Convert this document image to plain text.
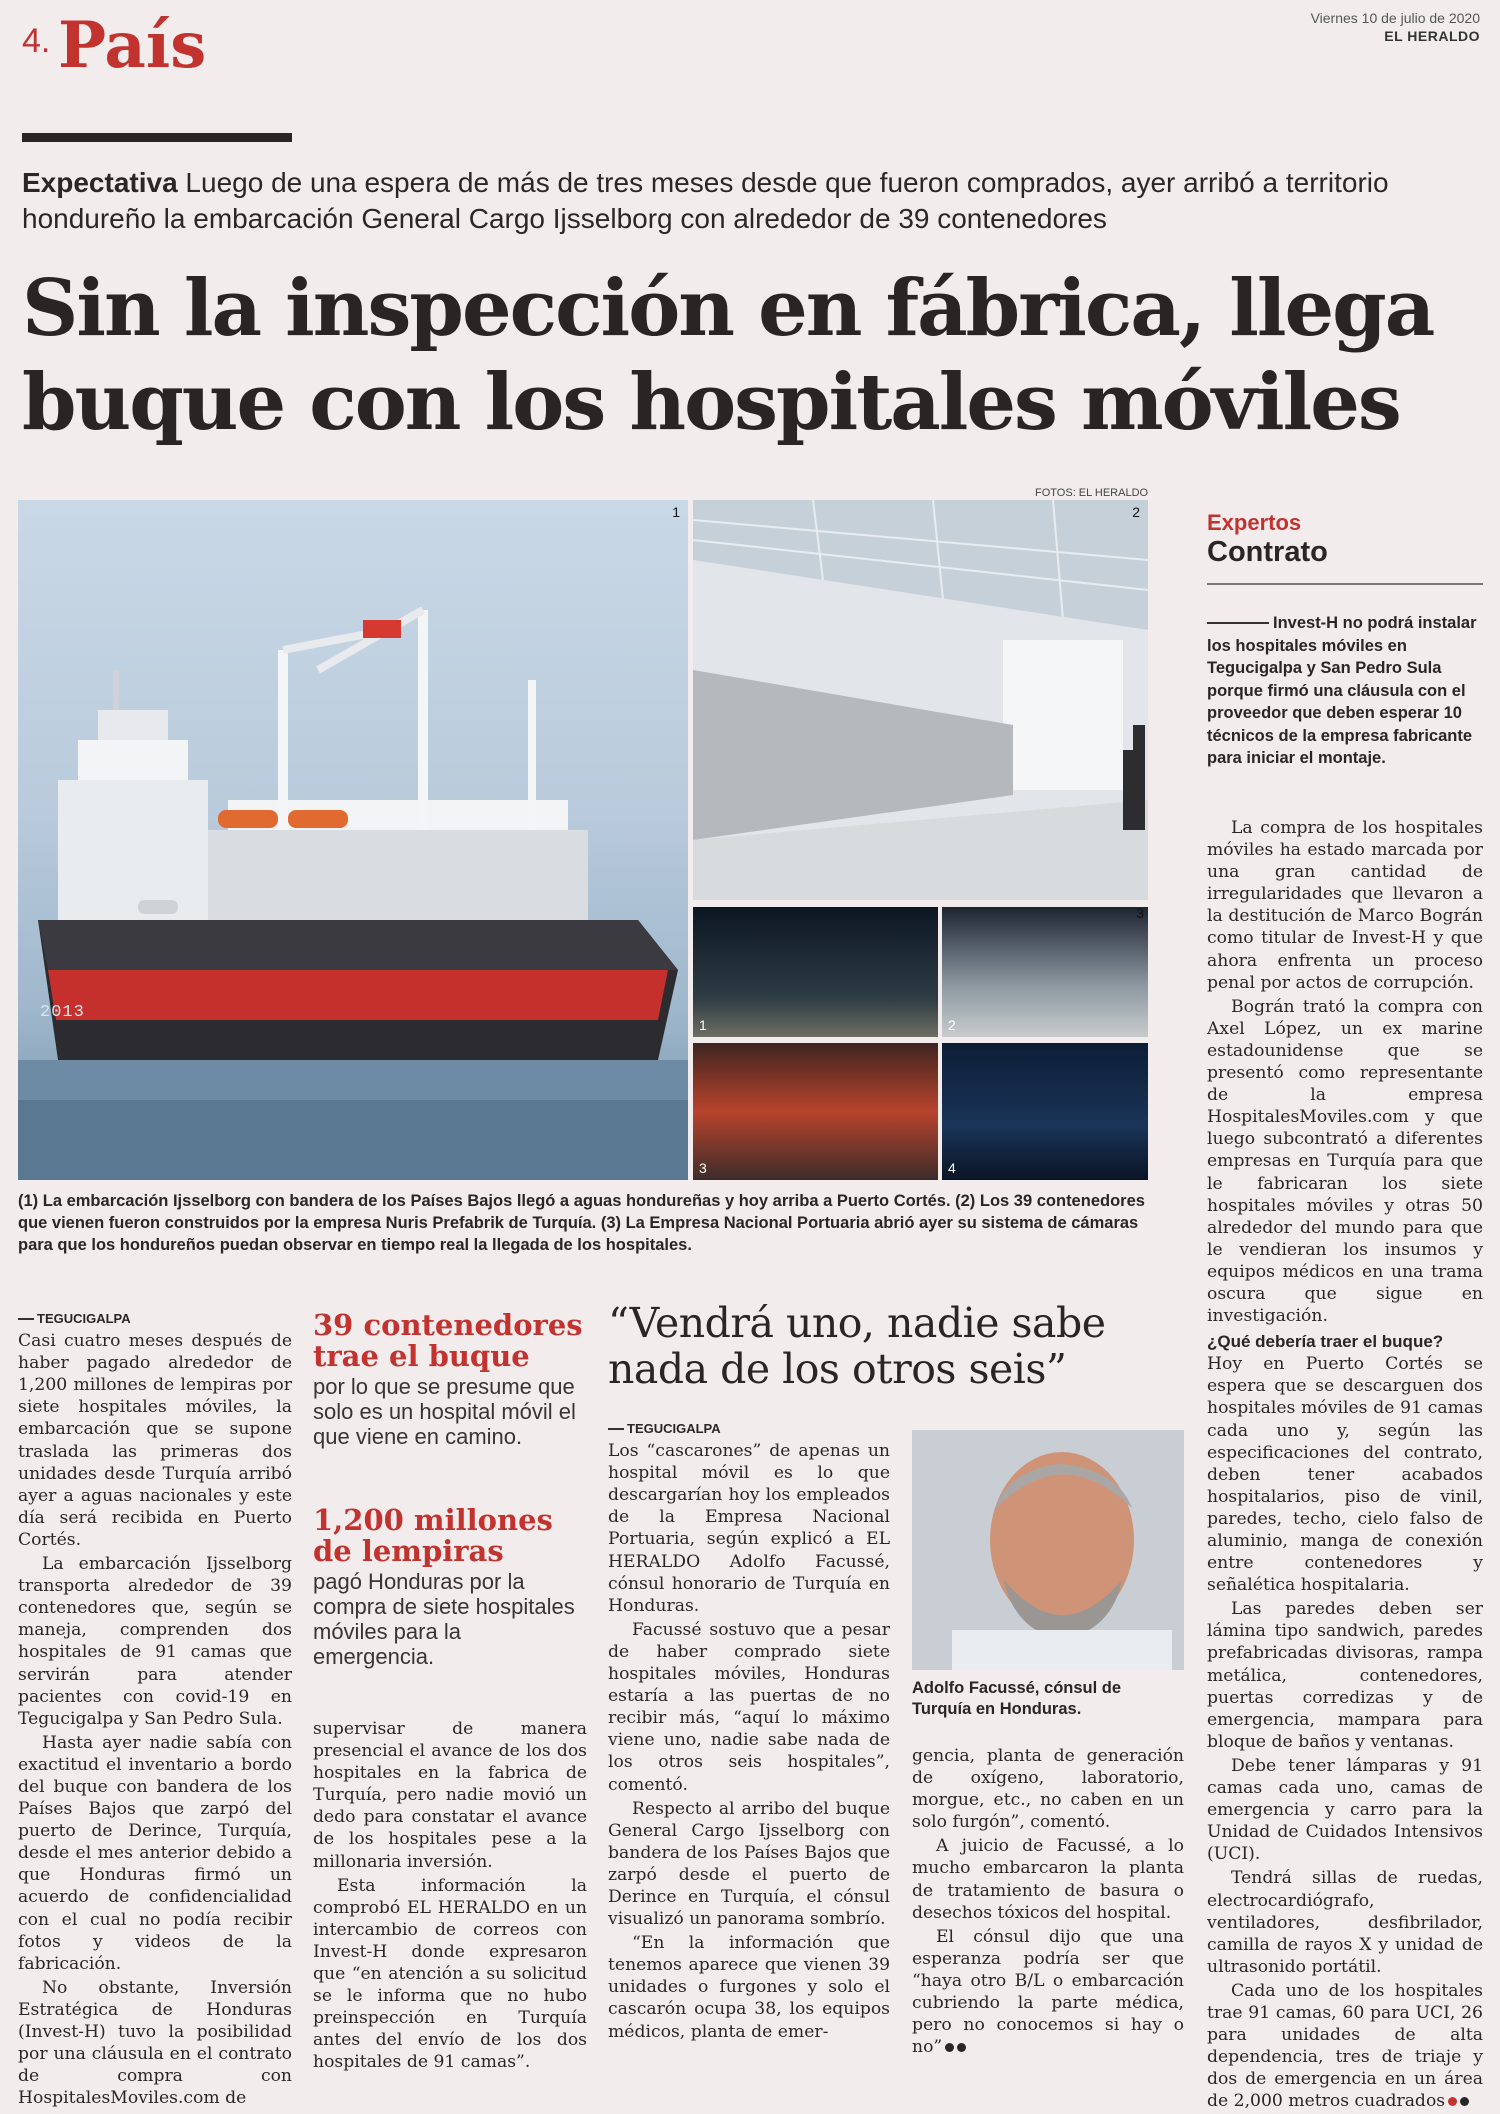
4. País	Viernes 10 de julio de 2020
EL HERALDO
Expectativa Luego de una espera de más de tres meses desde que fueron comprados, ayer arribó a territorio hondureño la embarcación General Cargo Ijsselborg con alrededor de 39 contenedores
Sin la inspección en fábrica, llega buque con los hospitales móviles
FOTOS: EL HERALDO
2013
1	2
1	2
3
3	4
(1) La embarcación Ijsselborg con bandera de los Países Bajos llegó a aguas hondureñas y hoy arriba a Puerto Cortés. (2) Los 39 contenedores que vienen fueron construidos por la empresa Nuris Prefabrik de Turquía. (3) La Empresa Nacional Portuaria abrió ayer su sistema de cámaras para que los hondureños puedan observar en tiempo real la llegada de los hospitales.
Expertos
Contrato
Invest-H no podrá instalar los hospitales móviles en Tegucigalpa y San Pedro Sula porque firmó una cláusula con el proveedor que deben esperar 10 técnicos de la empresa fabricante para iniciar el montaje.

La compra de los hospitales móviles ha estado marcada por una gran cantidad de irregularidades que llevaron a la destitución de Marco Bográn como titular de Invest-H y que ahora enfrenta un proceso penal por actos de corrupción.

Bográn trató la compra con Axel López, un ex marine estadounidense que se presentó como representante de la empresa HospitalesMoviles.com y que luego subcontrató a diferentes empresas en Turquía para que le fabricaran los siete hospitales móviles y otras 50 alrededor del mundo para que le vendieran los insumos y equipos médicos en una trama oscura que sigue en investigación.

¿Qué debería traer el buque?

Hoy en Puerto Cortés se espera que se descarguen dos hospitales móviles de 91 camas cada uno y, según las especificaciones del contrato, deben tener acabados hospitalarios, piso de vinil, paredes, techo, cielo falso de aluminio, manga de conexión entre contenedores y señalética hospitalaria.

Las paredes deben ser lámina tipo sandwich, paredes prefabricadas divisoras, rampa metálica, contenedores, puertas corredizas y de emergencia, mampara para bloque de baños y ventanas.

Debe tener lámparas y 91 camas cada uno, camas de emergencia y carro para la Unidad de Cuidados Intensivos (UCI).

Tendrá sillas de ruedas, electrocardiógrafo, ventiladores, desfibrilador, camilla de rayos X y unidad de ultrasonido portátil.

Cada uno de los hospitales trae 91 camas, 60 para UCI, 26 para unidades de alta dependencia, tres de triaje y dos de emergencia en un área de 2,000 metros cuadrados

TEGUCIGALPA

Casi cuatro meses después de haber pagado alrededor de 1,200 millones de lempiras por siete hospitales móviles, la embarcación que se supone traslada las primeras dos unidades desde Turquía arribó ayer a aguas nacionales y este día será recibida en Puerto Cortés.

La embarcación Ijsselborg transporta alrededor de 39 contenedores que, según se maneja, comprenden dos hospitales de 91 camas que servirán para atender pacientes con covid-19 en Tegucigalpa y San Pedro Sula.

Hasta ayer nadie sabía con exactitud el inventario a bordo del buque con bandera de los Países Bajos que zarpó del puerto de Derince, Turquía, desde el mes anterior debido a que Honduras firmó un acuerdo de confidencialidad con el cual no podía recibir fotos y videos de la fabricación.

No obstante, Inversión Estratégica de Honduras (Invest-H) tuvo la posibilidad por una cláusula en el contrato de compra con HospitalesMoviles.com de

39 contenedores trae el buque
por lo que se presume que solo es un hospital móvil el que viene en camino.
1,200 millones de lempiras
pagó Honduras por la compra de siete hospitales móviles para la emergencia.

supervisar de manera presencial el avance de los dos hospitales en la fabrica de Turquía, pero nadie movió un dedo para constatar el avance de los hospitales pese a la millonaria inversión.

Esta información la comprobó EL HERALDO en un intercambio de correos con Invest-H donde expresaron que “en atención a su solicitud se le informa que no hubo preinspección en Turquía antes del envío de los dos hospitales de 91 camas”.

“Vendrá uno, nadie sabe nada de los otros seis”
TEGUCIGALPA

Los “cascarones” de apenas un hospital móvil es lo que descargarían hoy los empleados de la Empresa Nacional Portuaria, según explicó a EL HERALDO Adolfo Facussé, cónsul honorario de Turquía en Honduras.

Facussé sostuvo que a pesar de haber comprado siete hospitales móviles, Honduras estaría a las puertas de no recibir más, “aquí lo máximo viene uno, nadie sabe nada de los otros seis hospitales”, comentó.

Respecto al arribo del buque General Cargo Ijsselborg con bandera de los Países Bajos que zarpó desde el puerto de Derince en Turquía, el cónsul visualizó un panorama sombrío.

“En la información que tenemos aparece que vienen 39 unidades o furgones y solo el cascarón ocupa 38, los equipos médicos, planta de emer-

Adolfo Facussé, cónsul de Turquía en Honduras.

gencia, planta de generación de oxígeno, laboratorio, morgue, etc., no caben en un solo furgón”, comentó.

A juicio de Facussé, a lo mucho embarcaron la planta de tratamiento de basura o desechos tóxicos del hospital.

El cónsul dijo que una esperanza podría ser que “haya otro B/L o embarcación cubriendo la parte médica, pero no conocemos si hay o no”
